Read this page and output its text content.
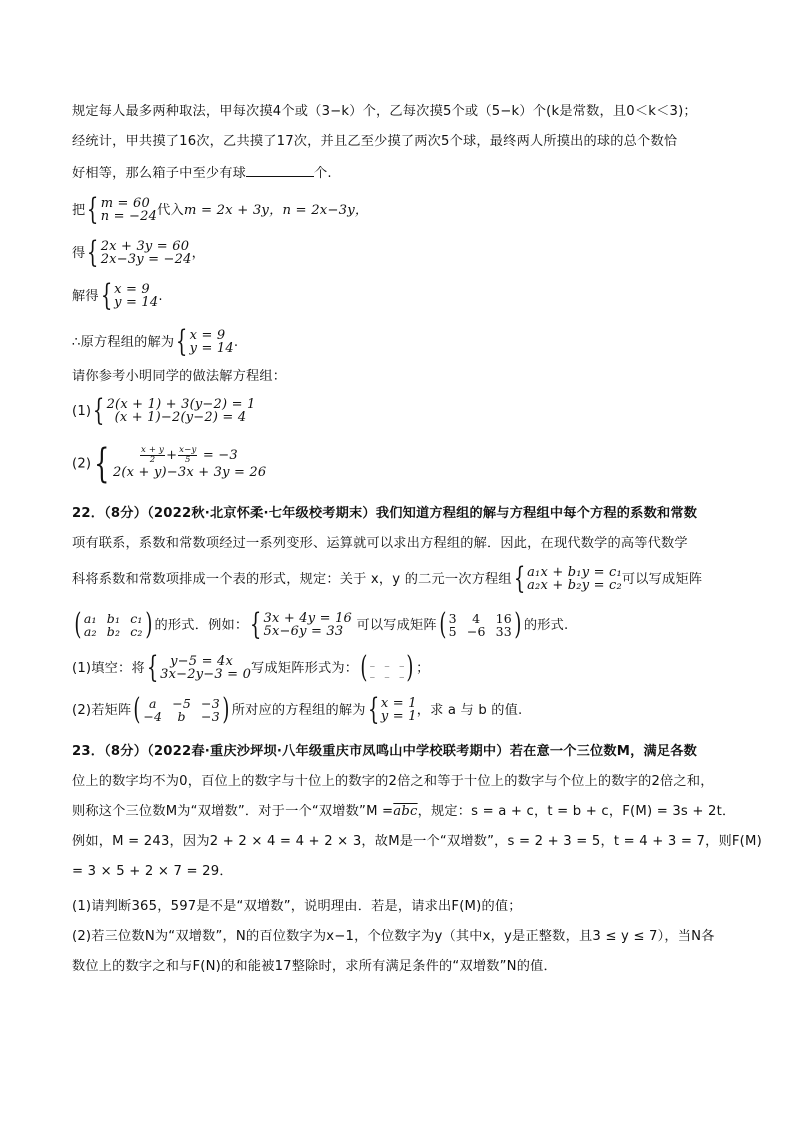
规定每人最多两种取法，甲每次摸4个或（3−k）个，乙每次摸5个或（5−k）个(k是常数，且0＜k＜3)；
经统计，甲共摸了16次，乙共摸了17次，并且乙至少摸了两次5个球，最终两人所摸出的球的总个数恰
好相等，那么箱子中至少有球	个.
把 { m = 60
n = −24 代入m = 2x + 3y，n = 2x−3y，
得 { 2x + 3y = 60
2x−3y = −24 ，
解得 { x = 9
y = 14 .
∴原方程组的解为 { x = 9
y = 14 .
请你参考小明同学的做法解方程组：
(1) { 2(x + 1) + 3(y−2) = 1
(x + 1)−2(y−2) = 4
(2) {	$\frac{x + y}{2} + \frac{x-y}{5} = -3$
2(x + y)−3x + 3y = 26
22．（8分）（2022秋·北京怀柔·七年级校考期末）我们知道方程组的解与方程组中每个方程的系数和常数
项有联系，系数和常数项经过一系列变形、运算就可以求出方程组的解．因此，在现代数学的高等代数学
科将系数和常数项排成一个表的形式，规定：关于 x，y 的二元一次方程组 { a₁x + b₁y = c₁
a₂x + b₂y = c₂ 可以写成矩阵
( a₁ b₁ c₁
a₂ b₂ c₂ ) 的形式．例如： { 3x + 4y = 16
5x−6y = 33 可以写成矩阵 ( 3	4	16
5 −6 33 ) 的形式.
(1)填空：将 { y−5 = 4x
3x−2y−3 = 0 写成矩阵形式为： ( _ _ _
_ _ _ ) ；
(2)若矩阵 ( a	−5 −3
−4	b	−3 ) 所对应的方程组的解为 { x = 1
y = 1 ，求 a 与 b 的值.
23．（8分）（2022春·重庆沙坪坝·八年级重庆市凤鸣山中学校联考期中）若在意一个三位数M，满足各数
位上的数字均不为0，百位上的数字与十位上的数字的2倍之和等于十位上的数字与个位上的数字的2倍之和，
则称这个三位数M为“双增数”．对于一个“双增数”M $=\overline{abc}$，规定：s = a + c，t = b + c，F(M) = 3s + 2t．
例如，M = 243，因为2 + 2 × 4 = 4 + 2 × 3，故M是一个“双增数”，s = 2 + 3 = 5，t = 4 + 3 = 7，则F(M)
= 3 × 5 + 2 × 7 = 29．
(1)请判断365，597是不是“双增数”，说明理由．若是，请求出F(M)的值；
(2)若三位数N为“双增数”，N的百位数字为x−1，个位数字为y（其中x，y是正整数，且3 ≤ y ≤ 7），当N各
数位上的数字之和与F(N)的和能被17整除时，求所有满足条件的“双增数”N的值．
